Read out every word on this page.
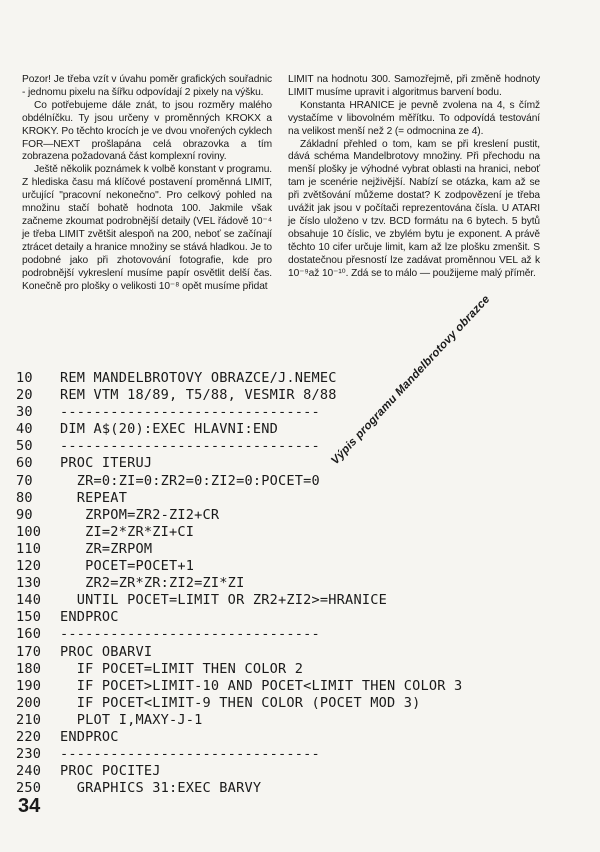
Pozor! Je třeba vzít v úvahu poměr grafických souřadnic - jednomu pixelu na šířku odpovídají 2 pixely na výšku.

Co potřebujeme dále znát, to jsou rozměry malého obdélníčku. Ty jsou určeny v proměnných KROKX a KROKY. Po těchto krocích je ve dvou vnořených cyklech FOR—NEXT prošlapána celá obrazovka a tím zobrazena požadovaná část komplexní roviny.

Ještě několik poznámek k volbě konstant v programu. Z hlediska času má klíčové postavení proměnná LIMIT, určující "pracovní nekonečno". Pro celkový pohled na množinu stačí bohatě hodnota 100. Jakmile však začneme zkoumat podrobnější detaily (VEL řádově 10⁻⁴ je třeba LIMIT zvětšit alespoň na 200, neboť se začínají ztrácet detaily a hranice množiny se stává hladkou. Je to podobné jako při zhotovování fotografie, kde pro podrobnější vykreslení musíme papír osvětlit delší čas. Konečně pro plošky o velikosti 10⁻⁸ opět musíme přidat

LIMIT na hodnotu 300. Samozřejmě, při změně hodnoty LIMIT musíme upravit i algoritmus barvení bodu.

Konstanta HRANICE je pevně zvolena na 4, s čímž vystačíme v libovolném měřítku. To odpovídá testování na velikost menší než 2 (= odmocnina ze 4).

Základní přehled o tom, kam se při kreslení pustit, dává schéma Mandelbrotovy množiny. Při přechodu na menší plošky je výhodné vybrat oblasti na hranici, neboť tam je scenérie nejživější. Nabízí se otázka, kam až se při zvětšování můžeme dostat? K zodpovězení je třeba uvážit jak jsou v počítači reprezentována čísla. U ATARI je číslo uloženo v tzv. BCD formátu na 6 bytech. 5 bytů obsahuje 10 číslic, ve zbylém bytu je exponent. A právě těchto 10 cifer určuje limit, kam až lze plošku zmenšit. S dostatečnou přesností lze zadávat proměnnou VEL až k 10⁻⁹až 10⁻¹⁰. Zdá se to málo — použijeme malý příměr.

10 REM MANDELBROTOVY OBRAZCE/J.NEMEC
20 REM VTM 18/89, T5/88, VESMIR 8/88
30 -------------------------------
40 DIM A$(20):EXEC HLAVNI:END
50 -------------------------------
60 PROC ITERUJ
70  ZR=0:ZI=0:ZR2=0:ZI2=0:POCET=0
80  REPEAT
90   ZRPOM=ZR2-ZI2+CR
100   ZI=2*ZR*ZI+CI
110   ZR=ZRPOM
120   POCET=POCET+1
130   ZR2=ZR*ZR:ZI2=ZI*ZI
140  UNTIL POCET=LIMIT OR ZR2+ZI2>=HRANICE
150 ENDPROC
160 -------------------------------
170 PROC OBARVI
180  IF POCET=LIMIT THEN COLOR 2
190  IF POCET>LIMIT-10 AND POCET<LIMIT THEN COLOR 3
200  IF POCET<LIMIT-9 THEN COLOR (POCET MOD 3)
210  PLOT I,MAXY-J-1
220 ENDPROC
230 -------------------------------
240 PROC POCITEJ
250  GRAPHICS 31:EXEC BARVY
Výpis programu Mandelbrotovy obrazce
34
